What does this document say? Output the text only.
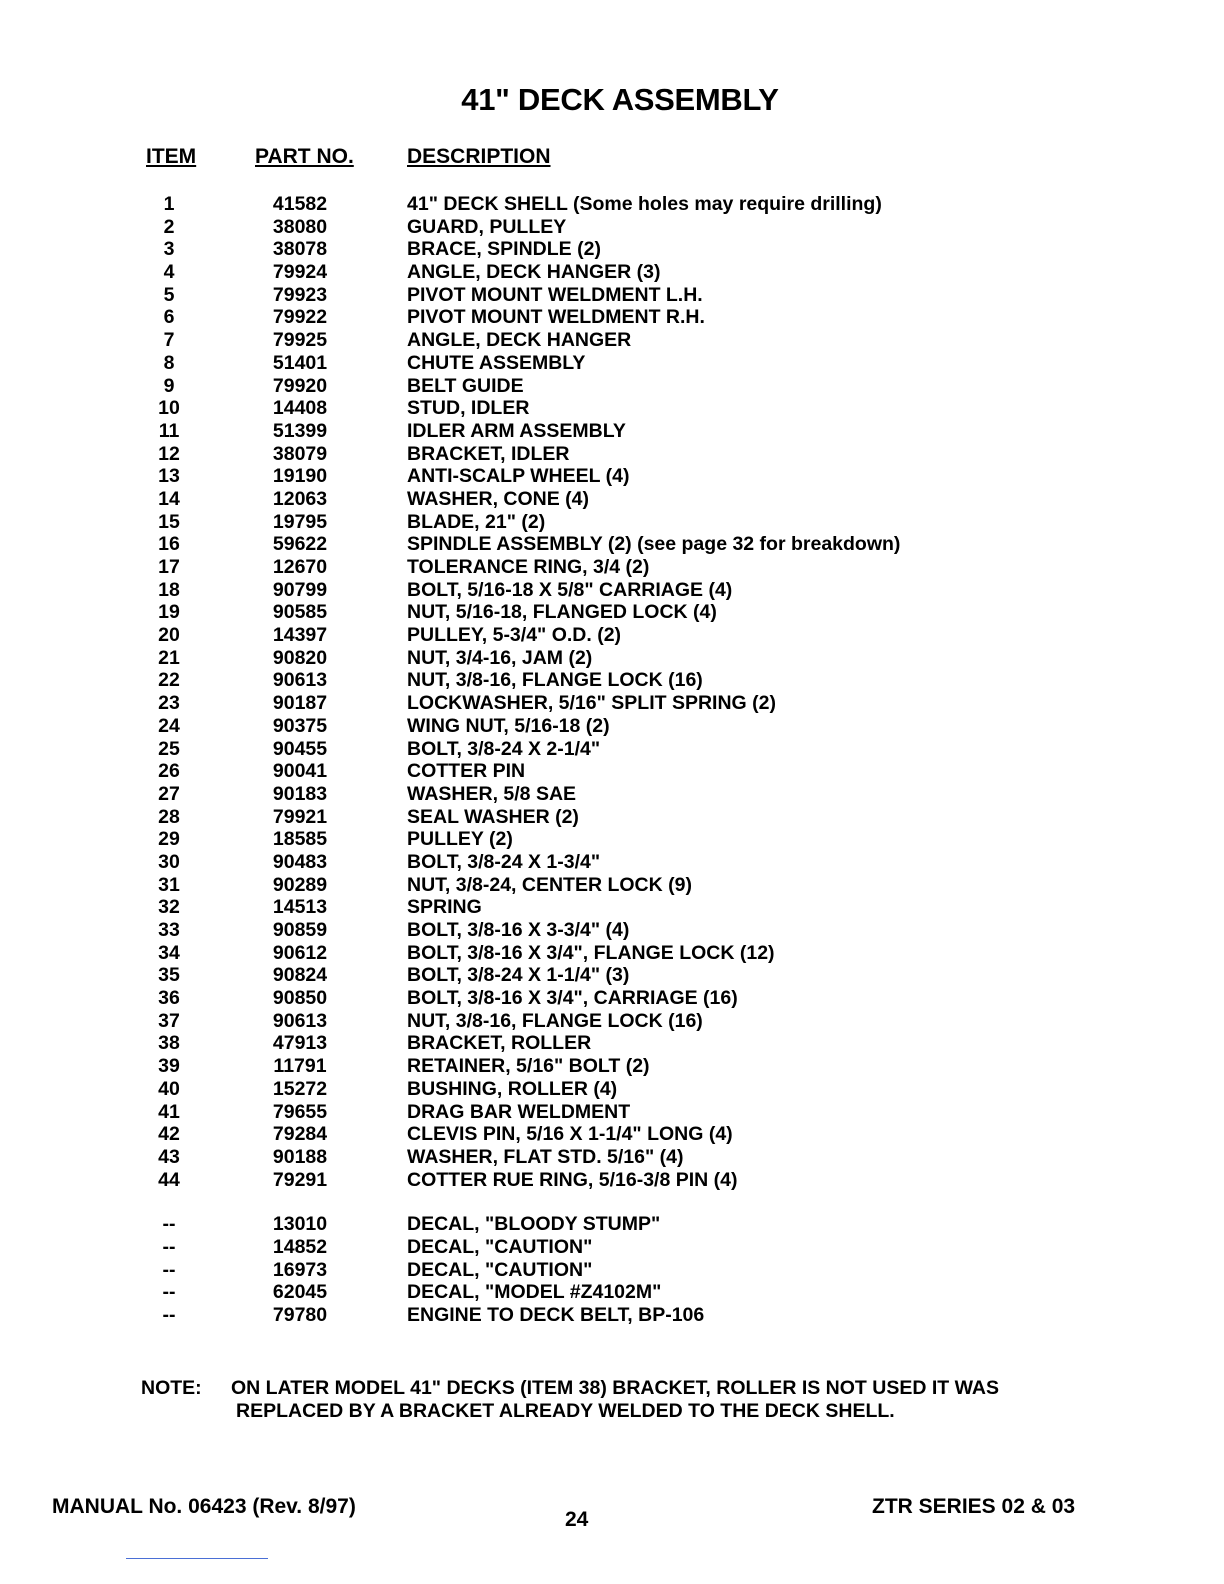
41" DECK ASSEMBLY
ITEM	PART NO.	DESCRIPTION
1	41582	41" DECK SHELL (Some holes may require drilling)
2	38080	GUARD, PULLEY
3	38078	BRACE, SPINDLE (2)
4	79924	ANGLE, DECK HANGER (3)
5	79923	PIVOT MOUNT WELDMENT L.H.
6	79922	PIVOT MOUNT WELDMENT R.H.
7	79925	ANGLE, DECK HANGER
8	51401	CHUTE ASSEMBLY
9	79920	BELT GUIDE
10	14408	STUD, IDLER
11	51399	IDLER ARM ASSEMBLY
12	38079	BRACKET, IDLER
13	19190	ANTI-SCALP WHEEL (4)
14	12063	WASHER, CONE (4)
15	19795	BLADE, 21" (2)
16	59622	SPINDLE ASSEMBLY (2) (see page 32 for breakdown)
17	12670	TOLERANCE RING, 3/4 (2)
18	90799	BOLT, 5/16-18 X 5/8" CARRIAGE (4)
19	90585	NUT, 5/16-18, FLANGED LOCK (4)
20	14397	PULLEY, 5-3/4" O.D. (2)
21	90820	NUT, 3/4-16, JAM (2)
22	90613	NUT, 3/8-16, FLANGE LOCK (16)
23	90187	LOCKWASHER, 5/16" SPLIT SPRING (2)
24	90375	WING NUT, 5/16-18 (2)
25	90455	BOLT, 3/8-24 X 2-1/4"
26	90041	COTTER PIN
27	90183	WASHER, 5/8 SAE
28	79921	SEAL WASHER (2)
29	18585	PULLEY (2)
30	90483	BOLT, 3/8-24 X 1-3/4"
31	90289	NUT, 3/8-24, CENTER LOCK (9)
32	14513	SPRING
33	90859	BOLT, 3/8-16 X 3-3/4" (4)
34	90612	BOLT, 3/8-16 X 3/4", FLANGE LOCK (12)
35	90824	BOLT, 3/8-24 X 1-1/4" (3)
36	90850	BOLT, 3/8-16 X 3/4", CARRIAGE (16)
37	90613	NUT, 3/8-16, FLANGE LOCK (16)
38	47913	BRACKET, ROLLER
39	11791	RETAINER, 5/16" BOLT (2)
40	15272	BUSHING, ROLLER (4)
41	79655	DRAG BAR WELDMENT
42	79284	CLEVIS PIN, 5/16 X 1-1/4" LONG (4)
43	90188	WASHER, FLAT STD. 5/16" (4)
44	79291	COTTER RUE RING, 5/16-3/8 PIN (4)
--	13010	DECAL, "BLOODY STUMP"
--	14852	DECAL, "CAUTION"
--	16973	DECAL, "CAUTION"
--	62045	DECAL, "MODEL #Z4102M"
--	79780	ENGINE TO DECK BELT, BP-106
NOTE: ON LATER MODEL 41" DECKS (ITEM 38) BRACKET, ROLLER IS NOT USED IT WAS
REPLACED BY A BRACKET ALREADY WELDED TO THE DECK SHELL.
MANUAL No. 06423 (Rev. 8/97)
24
ZTR SERIES 02 & 03
